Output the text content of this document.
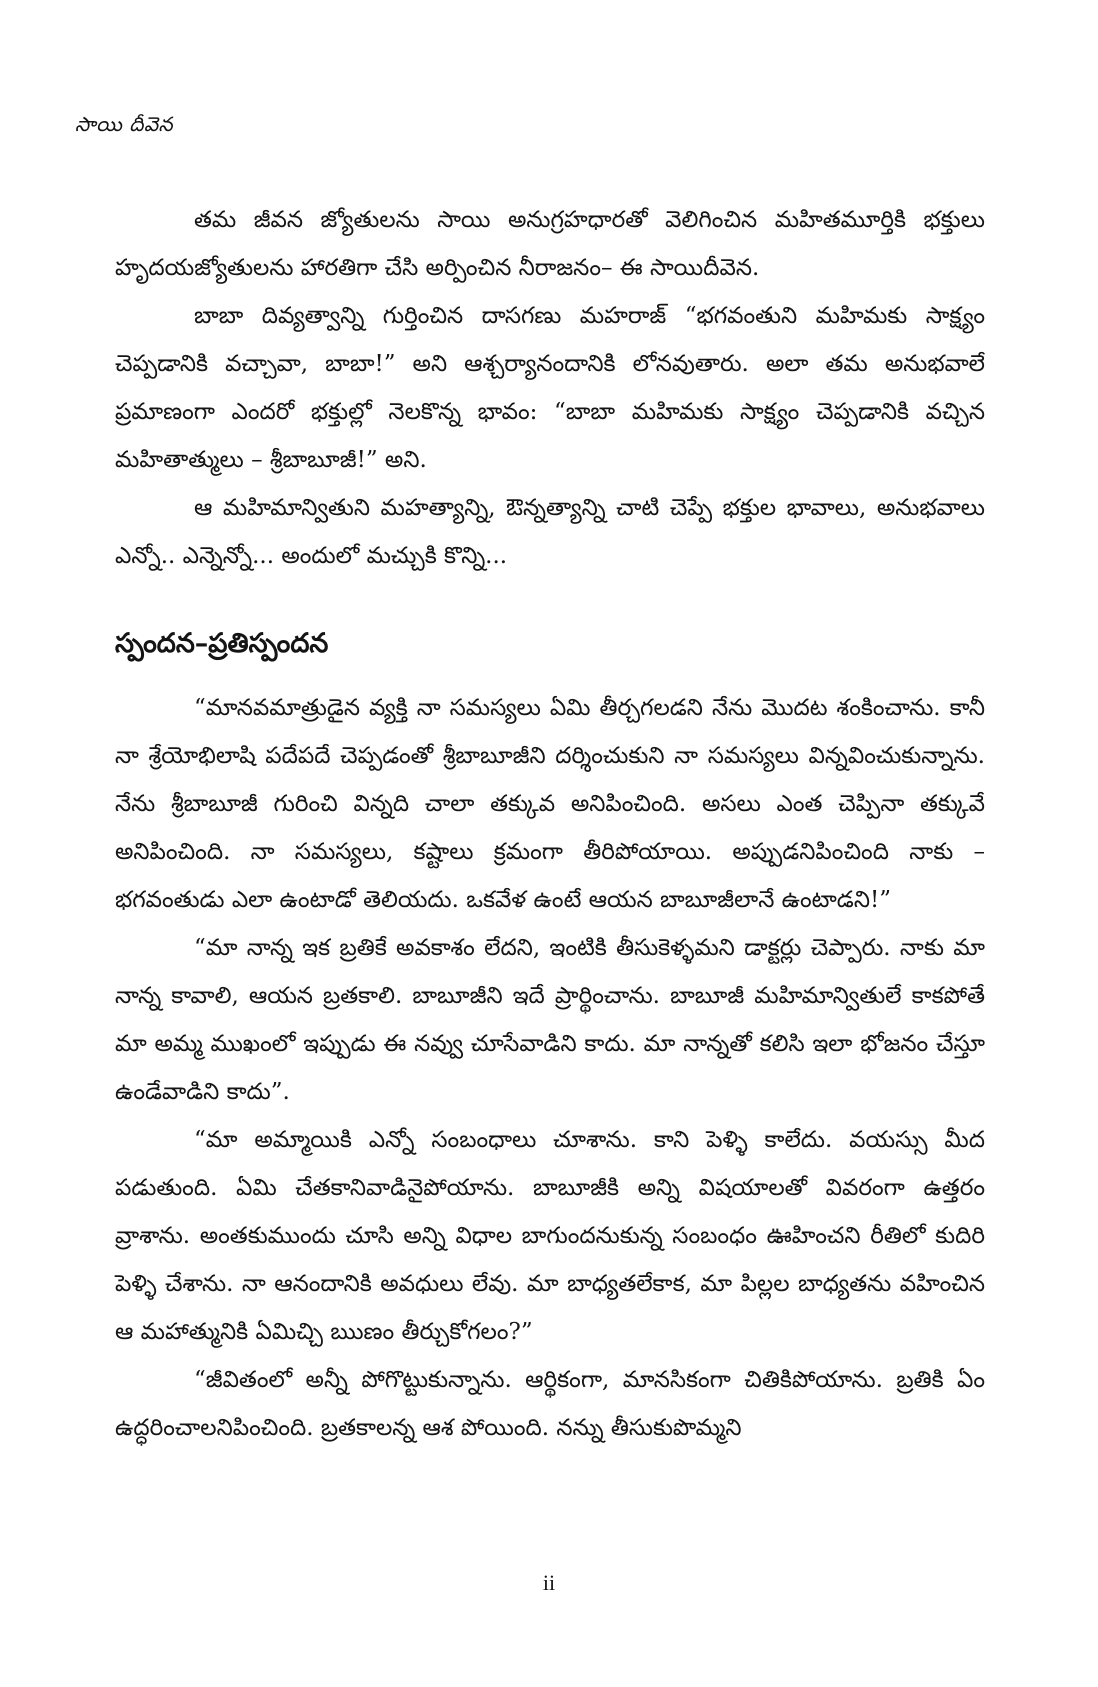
సాయి దీవెన

తమ జీవన జ్యోతులను సాయి అనుగ్రహధారతో వెలిగించిన మహితమూర్తికి భక్తులు హృదయజ్యోతులను హారతిగా చేసి అర్పించిన నీరాజనం– ఈ సాయిదీవెన.

బాబా దివ్యత్వాన్ని గుర్తించిన దాసగణు మహరాజ్ “భగవంతుని మహిమకు సాక్ష్యం చెప్పడానికి వచ్చావా, బాబా!” అని ఆశ్చర్యానందానికి లోనవుతారు. అలా తమ అనుభవాలే ప్రమాణంగా ఎందరో భక్తుల్లో నెలకొన్న భావం: “బాబా మహిమకు సాక్ష్యం చెప్పడానికి వచ్చిన మహితాత్ములు – శ్రీబాబూజీ!” అని.

ఆ మహిమాన్వితుని మహత్యాన్ని, ఔన్నత్యాన్ని చాటి చెప్పే భక్తుల భావాలు, అనుభవాలు ఎన్నో.. ఎన్నెన్నో... అందులో మచ్చుకి కొన్ని...

స్పందన–ప్రతిస్పందన

“మానవమాత్రుడైన వ్యక్తి నా సమస్యలు ఏమి తీర్చగలడని నేను మొదట శంకించాను. కానీ నా శ్రేయోభిలాషి పదేపదే చెప్పడంతో శ్రీబాబూజీని దర్శించుకుని నా సమస్యలు విన్నవించుకున్నాను. నేను శ్రీబాబూజీ గురించి విన్నది చాలా తక్కువ అనిపించింది. అసలు ఎంత చెప్పినా తక్కువే అనిపించింది. నా సమస్యలు, కష్టాలు క్రమంగా తీరిపోయాయి. అప్పుడనిపించింది నాకు – భగవంతుడు ఎలా ఉంటాడో తెలియదు. ఒకవేళ ఉంటే ఆయన బాబూజీలానే ఉంటాడని!”

“మా నాన్న ఇక బ్రతికే అవకాశం లేదని, ఇంటికి తీసుకెళ్ళమని డాక్టర్లు చెప్పారు. నాకు మా నాన్న కావాలి, ఆయన బ్రతకాలి. బాబూజీని ఇదే ప్రార్థించాను. బాబూజీ మహిమాన్వితులే కాకపోతే మా అమ్మ ముఖంలో ఇప్పుడు ఈ నవ్వు చూసేవాడిని కాదు. మా నాన్నతో కలిసి ఇలా భోజనం చేస్తూ ఉండేవాడిని కాదు”.

“మా అమ్మాయికి ఎన్నో సంబంధాలు చూశాను. కాని పెళ్ళి కాలేదు. వయస్సు మీద పడుతుంది. ఏమి చేతకానివాడినైపోయాను. బాబూజీకి అన్ని విషయాలతో వివరంగా ఉత్తరం వ్రాశాను. అంతకుముందు చూసి అన్ని విధాల బాగుందనుకున్న సంబంధం ఊహించని రీతిలో కుదిరి పెళ్ళి చేశాను. నా ఆనందానికి అవధులు లేవు. మా బాధ్యతలేకాక, మా పిల్లల బాధ్యతను వహించిన ఆ మహాత్మునికి ఏమిచ్చి ఋణం తీర్చుకోగలం?”

“జీవితంలో అన్నీ పోగొట్టుకున్నాను. ఆర్థికంగా, మానసికంగా చితికిపోయాను. బ్రతికి ఏం ఉద్ధరించాలనిపించింది. బ్రతకాలన్న ఆశ పోయింది. నన్ను తీసుకుపొమ్మని

ii
